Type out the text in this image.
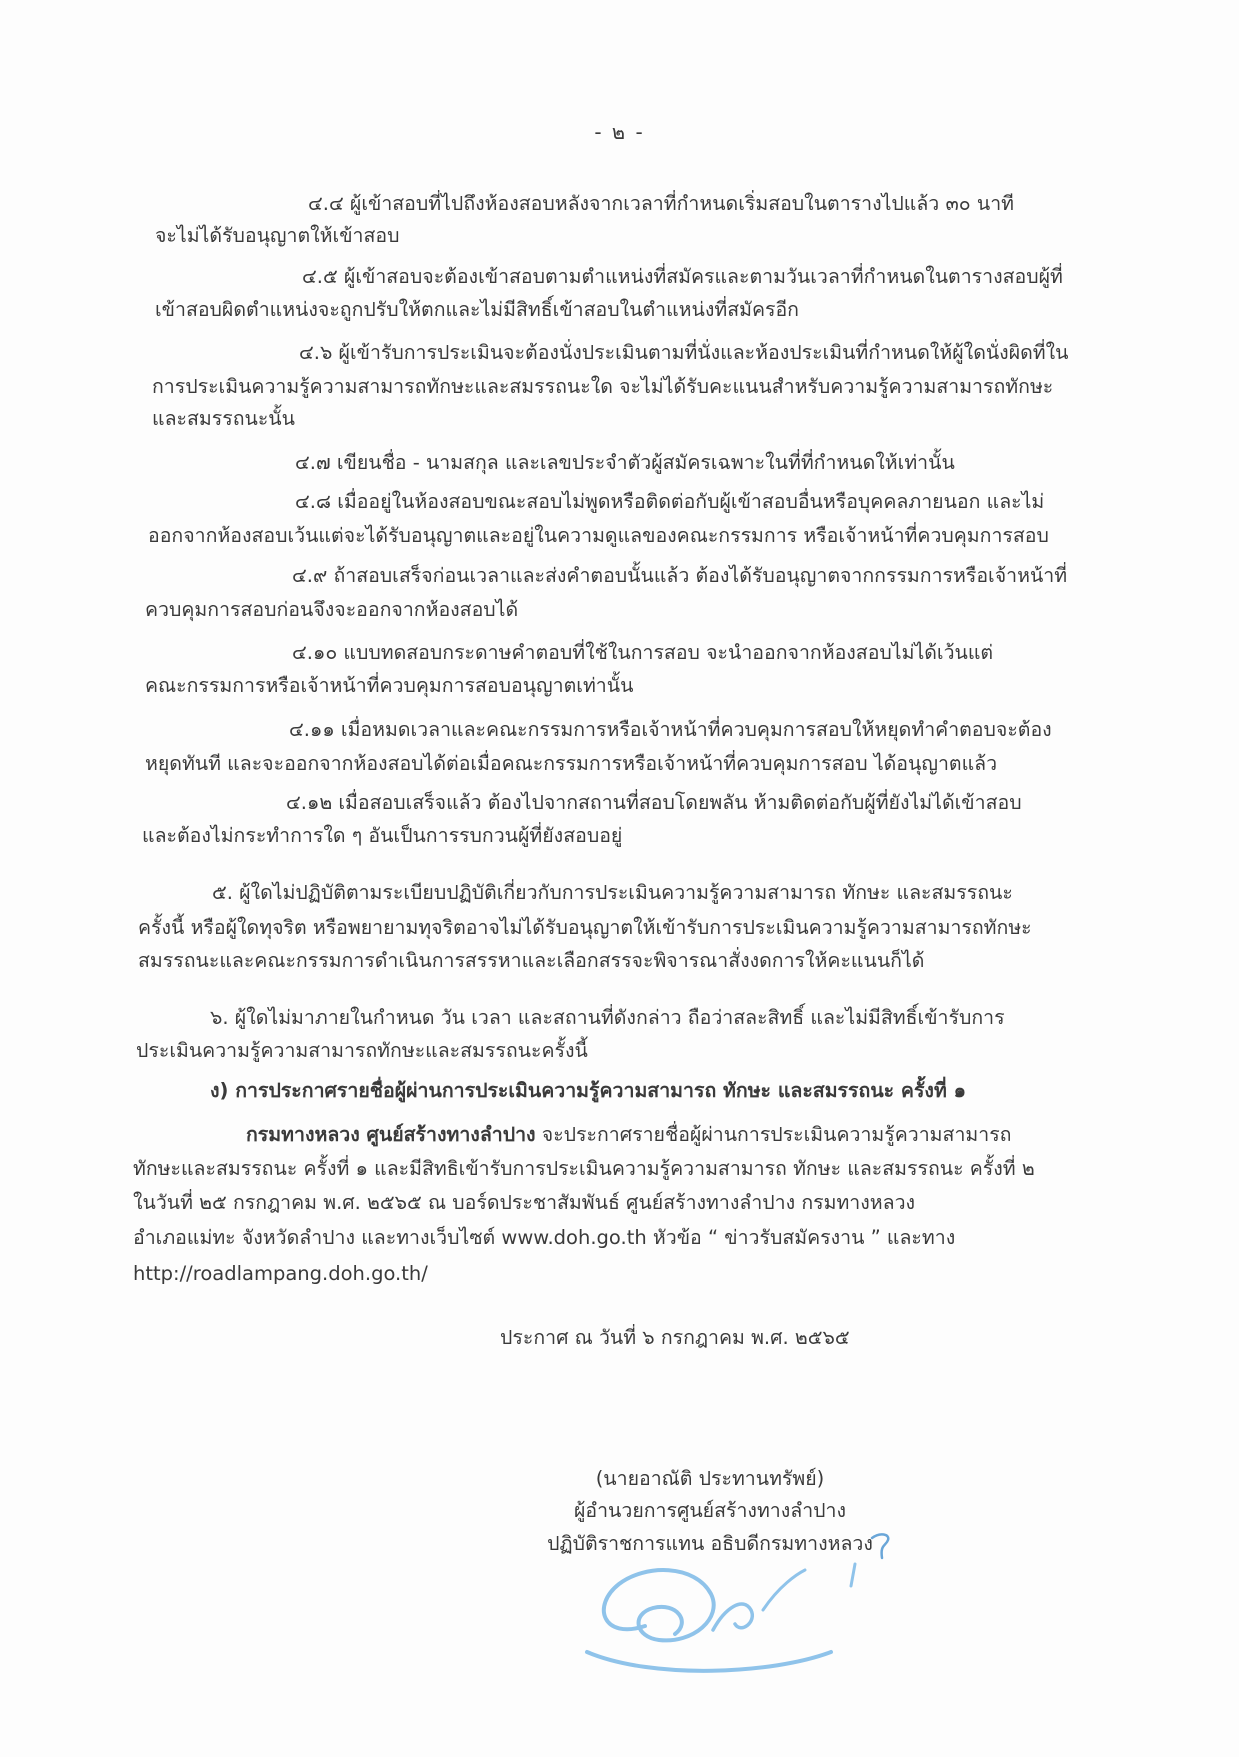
- ๒ -
๔.๔ ผู้เข้าสอบที่ไปถึงห้องสอบหลังจากเวลาที่กำหนดเริ่มสอบในตารางไปแล้ว ๓๐ นาที
จะไม่ได้รับอนุญาตให้เข้าสอบ
๔.๕ ผู้เข้าสอบจะต้องเข้าสอบตามตำแหน่งที่สมัครและตามวันเวลาที่กำหนดในตารางสอบผู้ที่
เข้าสอบผิดตำแหน่งจะถูกปรับให้ตกและไม่มีสิทธิ์เข้าสอบในตำแหน่งที่สมัครอีก
๔.๖ ผู้เข้ารับการประเมินจะต้องนั่งประเมินตามที่นั่งและห้องประเมินที่กำหนดให้ผู้ใดนั่งผิดที่ใน
การประเมินความรู้ความสามารถทักษะและสมรรถนะใด จะไม่ได้รับคะแนนสำหรับความรู้ความสามารถทักษะ
และสมรรถนะนั้น
๔.๗ เขียนชื่อ - นามสกุล และเลขประจำตัวผู้สมัครเฉพาะในที่ที่กำหนดให้เท่านั้น
๔.๘ เมื่ออยู่ในห้องสอบขณะสอบไม่พูดหรือติดต่อกับผู้เข้าสอบอื่นหรือบุคคลภายนอก และไม่
ออกจากห้องสอบเว้นแต่จะได้รับอนุญาตและอยู่ในความดูแลของคณะกรรมการ หรือเจ้าหน้าที่ควบคุมการสอบ
๔.๙ ถ้าสอบเสร็จก่อนเวลาและส่งคำตอบนั้นแล้ว ต้องได้รับอนุญาตจากกรรมการหรือเจ้าหน้าที่
ควบคุมการสอบก่อนจึงจะออกจากห้องสอบได้
๔.๑๐ แบบทดสอบกระดาษคำตอบที่ใช้ในการสอบ จะนำออกจากห้องสอบไม่ได้เว้นแต่
คณะกรรมการหรือเจ้าหน้าที่ควบคุมการสอบอนุญาตเท่านั้น
๔.๑๑ เมื่อหมดเวลาและคณะกรรมการหรือเจ้าหน้าที่ควบคุมการสอบให้หยุดทำคำตอบจะต้อง
หยุดทันที และจะออกจากห้องสอบได้ต่อเมื่อคณะกรรมการหรือเจ้าหน้าที่ควบคุมการสอบ ได้อนุญาตแล้ว
๔.๑๒ เมื่อสอบเสร็จแล้ว ต้องไปจากสถานที่สอบโดยพลัน ห้ามติดต่อกับผู้ที่ยังไม่ได้เข้าสอบ
และต้องไม่กระทำการใด ๆ อันเป็นการรบกวนผู้ที่ยังสอบอยู่
๕. ผู้ใดไม่ปฏิบัติตามระเบียบปฏิบัติเกี่ยวกับการประเมินความรู้ความสามารถ ทักษะ และสมรรถนะ
ครั้งนี้ หรือผู้ใดทุจริต หรือพยายามทุจริตอาจไม่ได้รับอนุญาตให้เข้ารับการประเมินความรู้ความสามารถทักษะ
สมรรถนะและคณะกรรมการดำเนินการสรรหาและเลือกสรรจะพิจารณาสั่งงดการให้คะแนนก็ได้
๖. ผู้ใดไม่มาภายในกำหนด วัน เวลา และสถานที่ดังกล่าว ถือว่าสละสิทธิ์ และไม่มีสิทธิ์เข้ารับการ
ประเมินความรู้ความสามารถทักษะและสมรรถนะครั้งนี้
ง) การประกาศรายชื่อผู้ผ่านการประเมินความรู้ความสามารถ ทักษะ และสมรรถนะ ครั้งที่ ๑
กรมทางหลวง ศูนย์สร้างทางลำปาง จะประกาศรายชื่อผู้ผ่านการประเมินความรู้ความสามารถ
ทักษะและสมรรถนะ ครั้งที่ ๑ และมีสิทธิเข้ารับการประเมินความรู้ความสามารถ ทักษะ และสมรรถนะ ครั้งที่ ๒
ในวันที่ ๒๕ กรกฎาคม พ.ศ. ๒๕๖๕ ณ บอร์ดประชาสัมพันธ์ ศูนย์สร้างทางลำปาง กรมทางหลวง
อำเภอแม่ทะ จังหวัดลำปาง และทางเว็บไซต์ www.doh.go.th หัวข้อ “ ข่าวรับสมัครงาน ” และทาง
http://roadlampang.doh.go.th/
ประกาศ ณ วันที่ ๖ กรกฎาคม พ.ศ. ๒๕๖๕
(นายอาณัติ ประทานทรัพย์)
ผู้อำนวยการศูนย์สร้างทางลำปาง
ปฏิบัติราชการแทน อธิบดีกรมทางหลวง
